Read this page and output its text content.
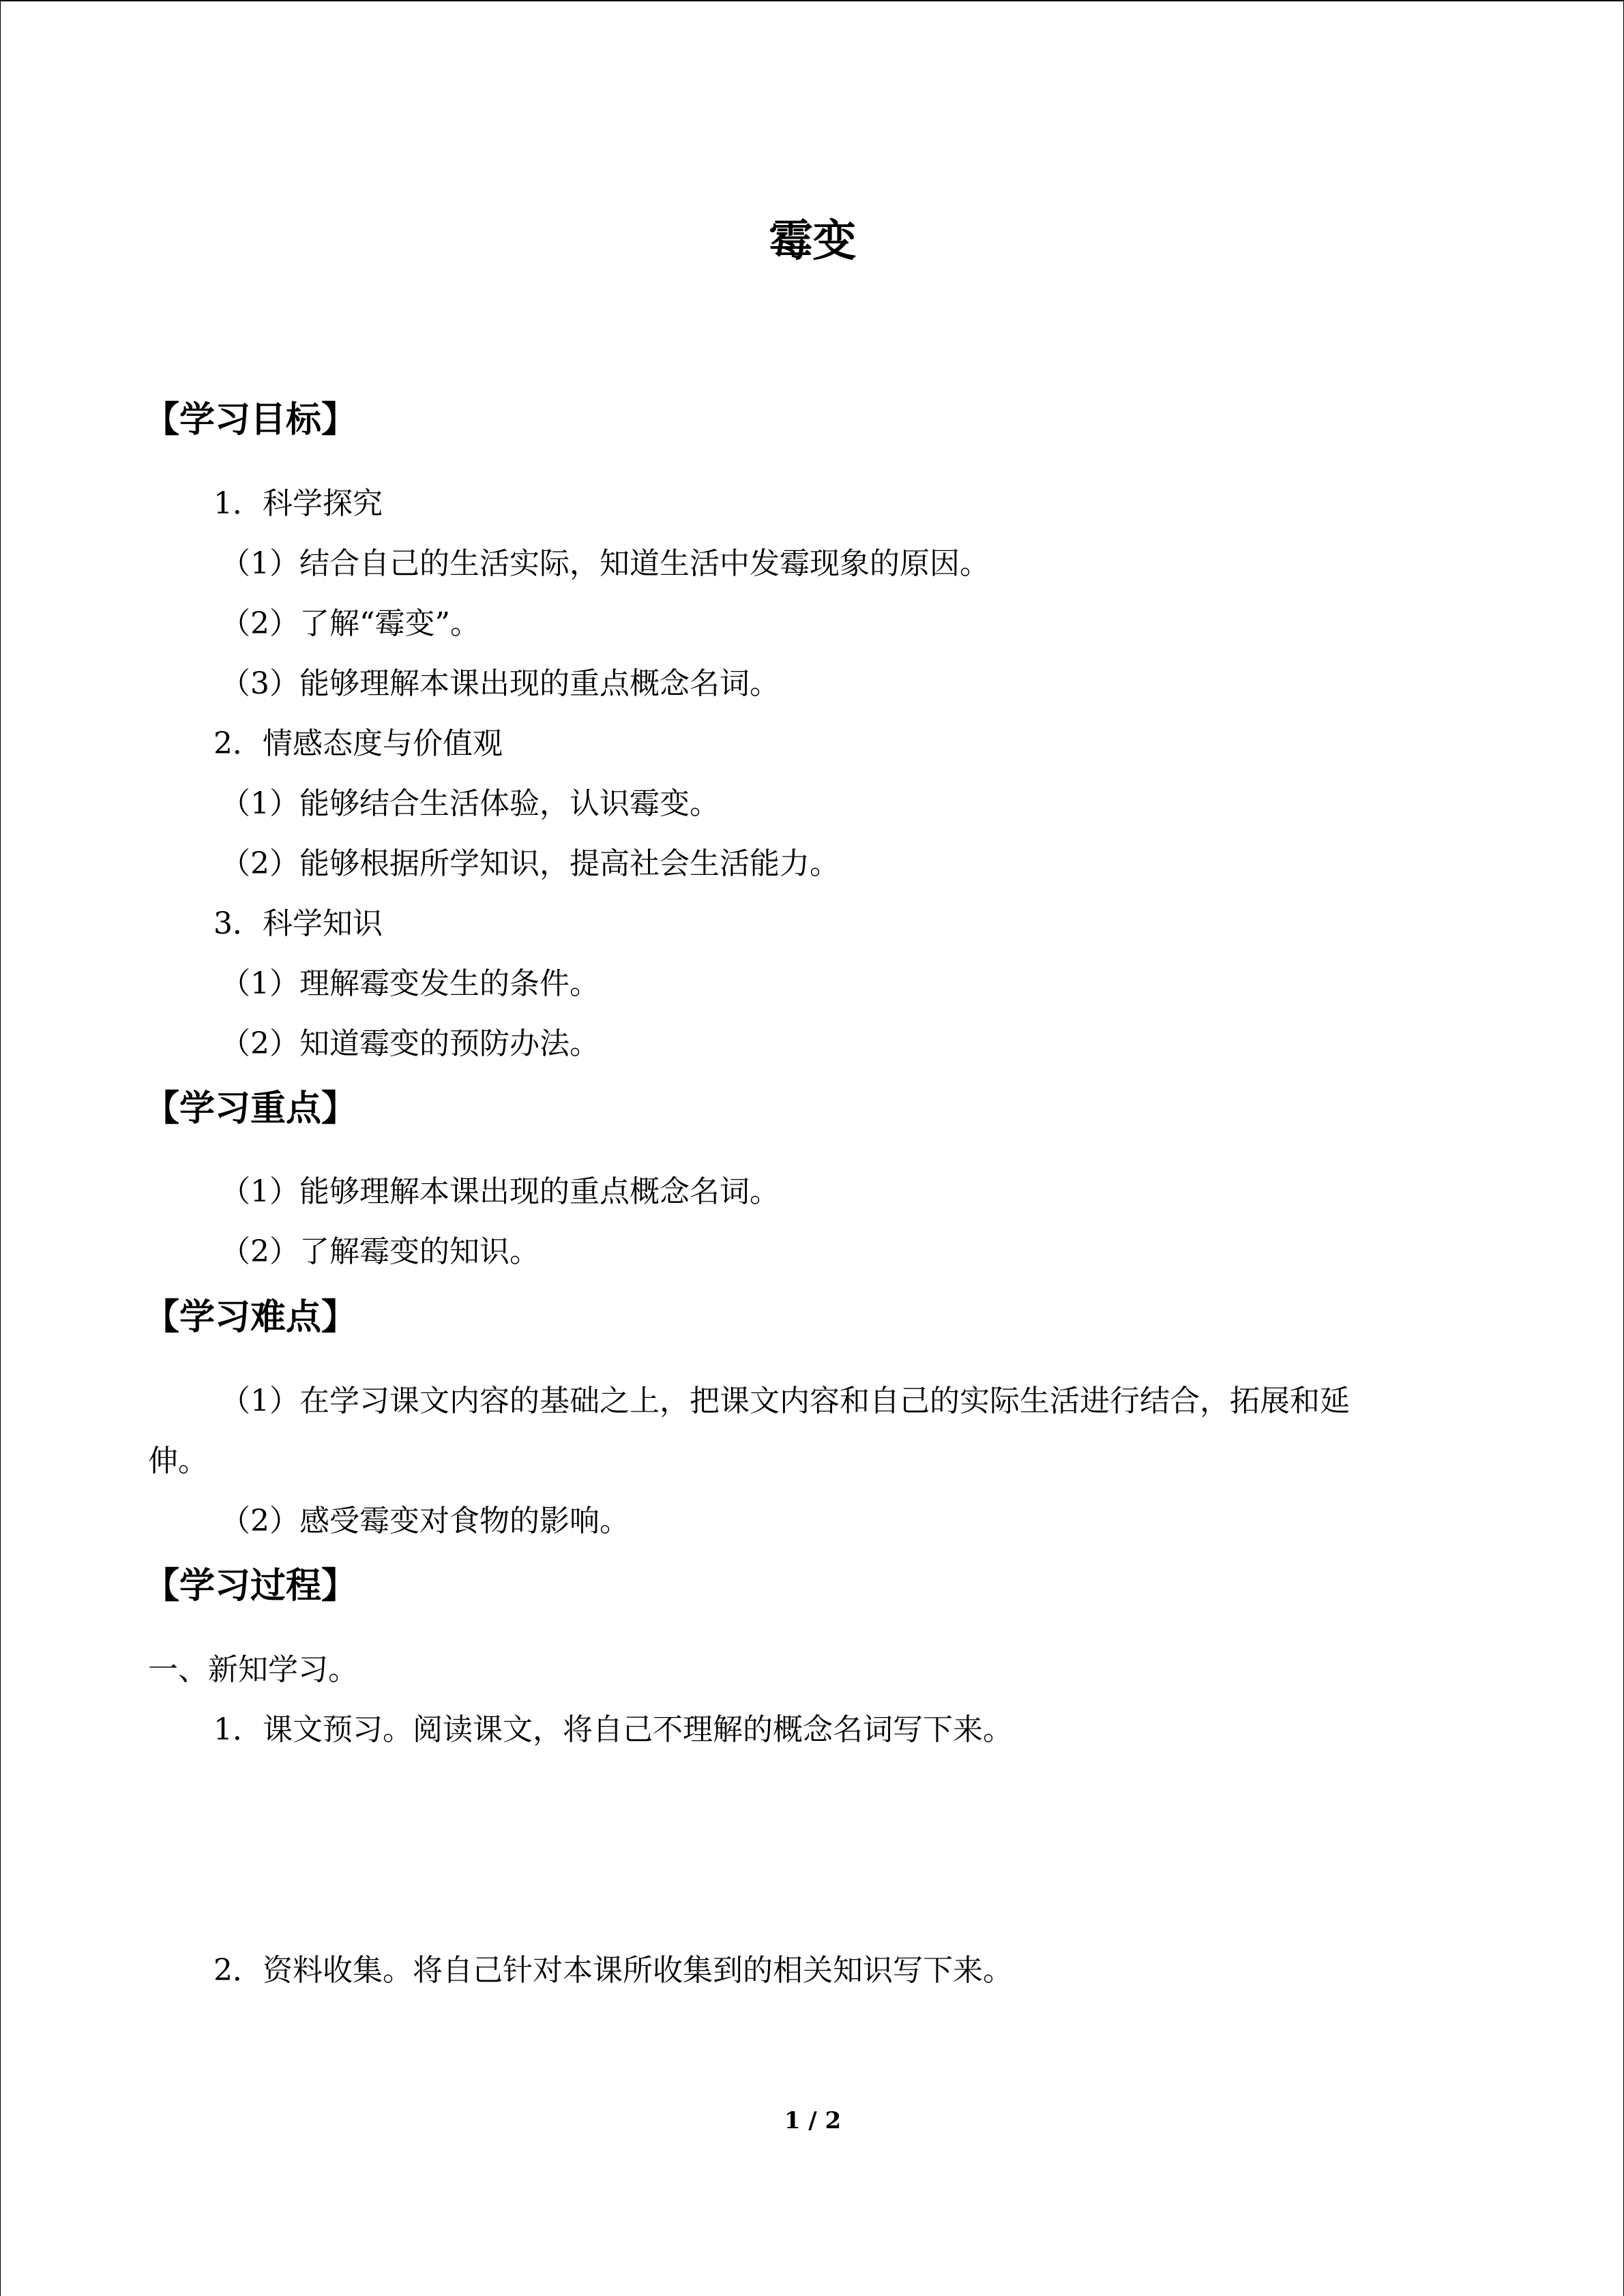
霉变
【学习目标】
1．科学探究
（1）结合自己的生活实际，知道生活中发霉现象的原因。
（2）了解“霉变”。
（3）能够理解本课出现的重点概念名词。
2．情感态度与价值观
（1）能够结合生活体验，认识霉变。
（2）能够根据所学知识，提高社会生活能力。
3．科学知识
（1）理解霉变发生的条件。
（2）知道霉变的预防办法。
【学习重点】
（1）能够理解本课出现的重点概念名词。
（2）了解霉变的知识。
【学习难点】
（1）在学习课文内容的基础之上，把课文内容和自己的实际生活进行结合，拓展和延
伸。
（2）感受霉变对食物的影响。
【学习过程】
一、新知学习。
1．课文预习。阅读课文，将自己不理解的概念名词写下来。
2．资料收集。将自己针对本课所收集到的相关知识写下来。
1 / 2
